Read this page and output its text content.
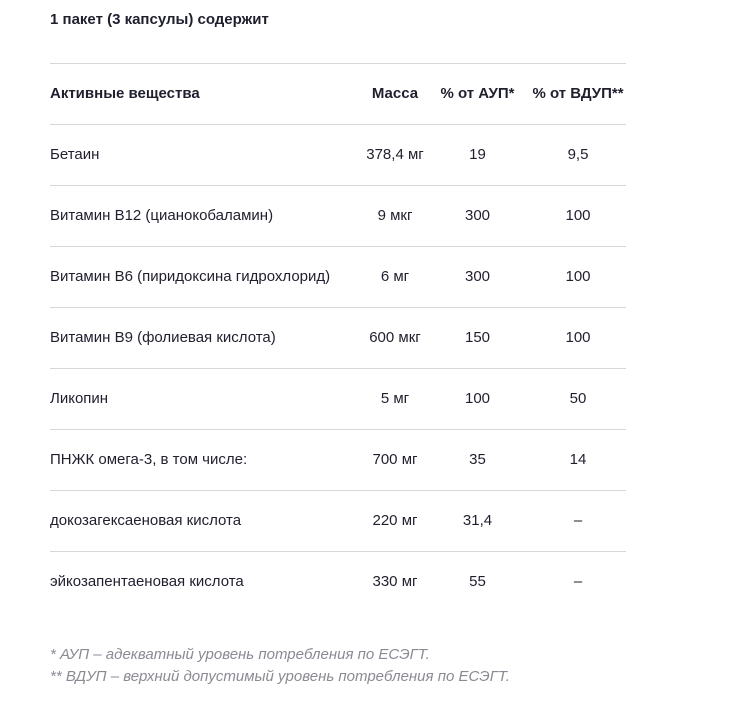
1 пакет (3 капсулы) содержит
Активные вещества	Масса	% от АУП*	% от ВДУП**
Бетаин	378,4 мг	19	9,5
Витамин В12 (цианокобаламин)	9 мкг	300	100
Витамин В6 (пиридоксина гидрохлорид)	6 мг	300	100
Витамин В9 (фолиевая кислота)	600 мкг	150	100
Ликопин	5 мг	100	50
ПНЖК омега-3, в том числе:	700 мг	35	14
докозагексаеновая кислота	220 мг	31,4	–
эйкозапентаеновая кислота	330 мг	55	–
* АУП – адекватный уровень потребления по ЕСЭГТ.
** ВДУП – верхний допустимый уровень потребления по ЕСЭГТ.
